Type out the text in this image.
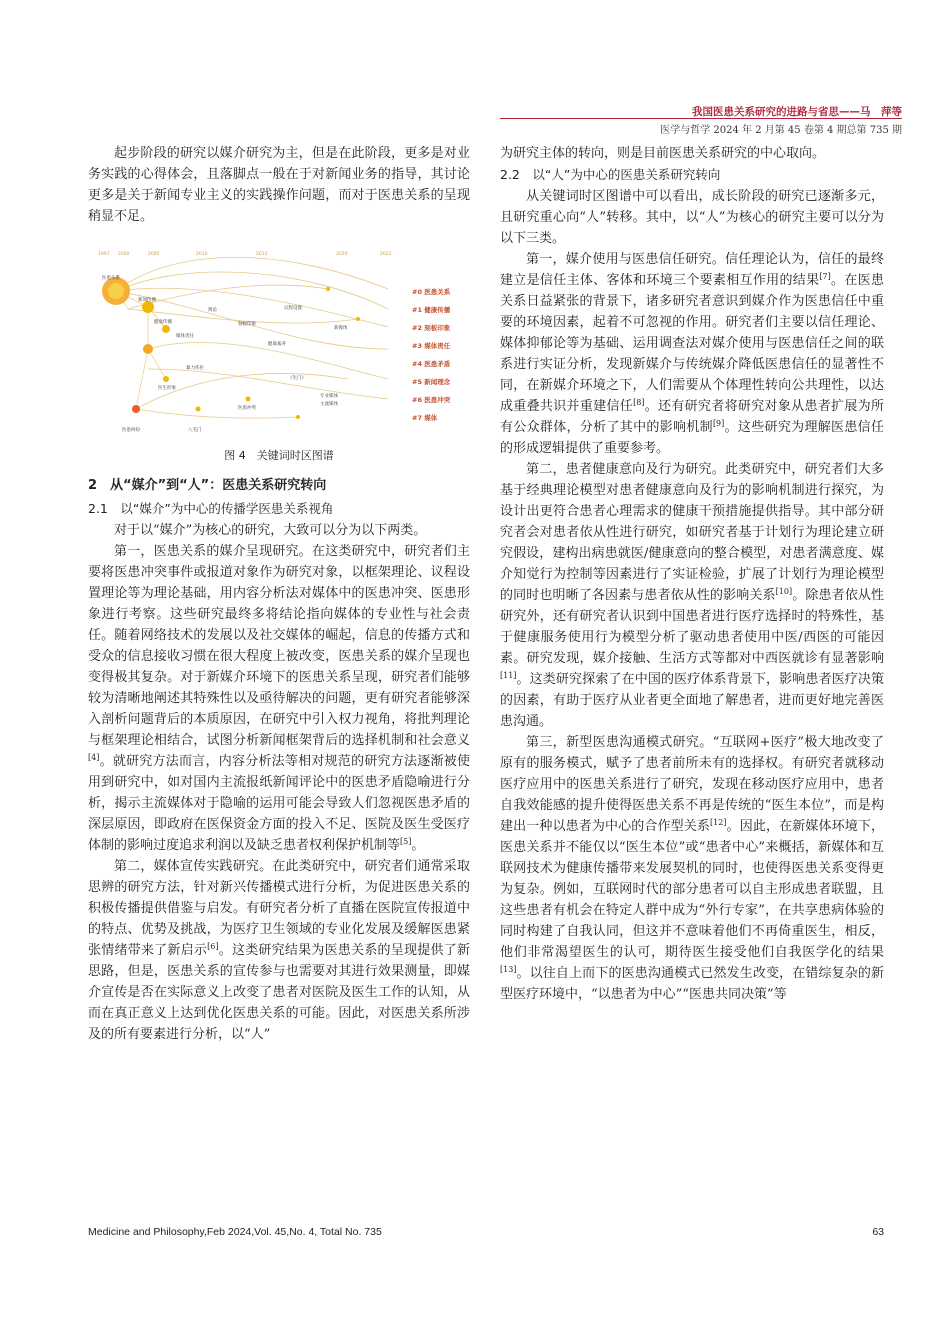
我国医患关系研究的进路与省思——马　萍等
医学与哲学 2024 年 2 月第 45 卷第 4 期总第 735 期

起步阶段的研究以媒介研究为主，但是在此阶段，更多是对业务实践的心得体会，且落脚点一般在于对新闻业务的指导，其讨论更多是关于新闻专业主义的实践操作问题，而对于医患关系的呈现稍显不足。

1997 2000	2005	2010	2015	2020	2022
医患关系
医患纠纷
新闻传播
八毛门
医患冲突
健康传播
媒体责任
舆论
刻板印象
健康素养
议程设置
新媒体
专业媒体
主流媒体
《生门》
暴力伤医
医生形象
#0 医患关系
#1 健康传播
#2 刻板印象
#3 媒体责任
#4 医患矛盾
#5 新闻理念
#6 医患冲突
#7 媒体
图 4　关键词时区图谱
2　从“媒介”到“人”：医患关系研究转向
2.1　以“媒介”为中心的传播学医患关系视角

对于以“媒介”为核心的研究，大致可以分为以下两类。

第一，医患关系的媒介呈现研究。在这类研究中，研究者们主要将医患冲突事件或报道对象作为研究对象，以框架理论、议程设置理论等为理论基础，用内容分析法对媒体中的医患冲突、医患形象进行考察。这些研究最终多将结论指向媒体的专业性与社会责任。随着网络技术的发展以及社交媒体的崛起，信息的传播方式和受众的信息接收习惯在很大程度上被改变，医患关系的媒介呈现也变得极其复杂。对于新媒介环境下的医患关系呈现，研究者们能够较为清晰地阐述其特殊性以及亟待解决的问题，更有研究者能够深入剖析问题背后的本质原因，在研究中引入权力视角，将批判理论与框架理论相结合，试图分析新闻框架背后的选择机制和社会意义[4]。就研究方法而言，内容分析法等相对规范的研究方法逐渐被使用到研究中，如对国内主流报纸新闻评论中的医患矛盾隐喻进行分析，揭示主流媒体对于隐喻的运用可能会导致人们忽视医患矛盾的深层原因，即政府在医保资金方面的投入不足、医院及医生受医疗体制的影响过度追求利润以及缺乏患者权利保护机制等[5]。

第二，媒体宣传实践研究。在此类研究中，研究者们通常采取思辨的研究方法，针对新兴传播模式进行分析，为促进医患关系的积极传播提供借鉴与启发。有研究者分析了直播在医院宣传报道中的特点、优势及挑战，为医疗卫生领域的专业化发展及缓解医患紧张情绪带来了新启示[6]。这类研究结果为医患关系的呈现提供了新思路，但是，医患关系的宣传参与也需要对其进行效果测量，即媒介宣传是否在实际意义上改变了患者对医院及医生工作的认知，从而在真正意义上达到优化医患关系的可能。因此，对医患关系所涉及的所有要素进行分析，以“人”

为研究主体的转向，则是目前医患关系研究的中心取向。

2.2　以“人”为中心的医患关系研究转向

从关键词时区图谱中可以看出，成长阶段的研究已逐渐多元，且研究重心向“人”转移。其中，以“人”为核心的研究主要可以分为以下三类。

第一，媒介使用与医患信任研究。信任理论认为，信任的最终建立是信任主体、客体和环境三个要素相互作用的结果[7]。在医患关系日益紧张的背景下，诸多研究者意识到媒介作为医患信任中重要的环境因素，起着不可忽视的作用。研究者们主要以信任理论、媒体抑郁论等为基础、运用调查法对媒介使用与医患信任之间的联系进行实证分析，发现新媒介与传统媒介降低医患信任的显著性不同，在新媒介环境之下，人们需要从个体理性转向公共理性，以达成重叠共识并重建信任[8]。还有研究者将研究对象从患者扩展为所有公众群体，分析了其中的影响机制[9]。这些研究为理解医患信任的形成逻辑提供了重要参考。

第二，患者健康意向及行为研究。此类研究中，研究者们大多基于经典理论模型对患者健康意向及行为的影响机制进行探究，为设计出更符合患者心理需求的健康干预措施提供指导。其中部分研究者会对患者依从性进行研究，如研究者基于计划行为理论建立研究假设，建构出病患就医/健康意向的整合模型，对患者满意度、媒介知觉行为控制等因素进行了实证检验，扩展了计划行为理论模型的同时也明晰了各因素与患者依从性的影响关系[10]。除患者依从性研究外，还有研究者认识到中国患者进行医疗选择时的特殊性，基于健康服务使用行为模型分析了驱动患者使用中医/西医的可能因素。研究发现，媒介接触、生活方式等都对中西医就诊有显著影响[11]。这类研究探索了在中国的医疗体系背景下，影响患者医疗决策的因素，有助于医疗从业者更全面地了解患者，进而更好地完善医患沟通。

第三，新型医患沟通模式研究。“互联网+医疗”极大地改变了原有的服务模式，赋予了患者前所未有的选择权。有研究者就移动医疗应用中的医患关系进行了研究，发现在移动医疗应用中，患者自我效能感的提升使得医患关系不再是传统的“医生本位”，而是构建出一种以患者为中心的合作型关系[12]。因此，在新媒体环境下，医患关系并不能仅以“医生本位”或“患者中心”来概括，新媒体和互联网技术为健康传播带来发展契机的同时，也使得医患关系变得更为复杂。例如，互联网时代的部分患者可以自主形成患者联盟，且这些患者有机会在特定人群中成为“外行专家”，在共享患病体验的同时构建了自我认同，但这并不意味着他们不再倚重医生，相反，他们非常渴望医生的认可，期待医生接受他们自我医学化的结果[13]。以往自上而下的医患沟通模式已然发生改变，在错综复杂的新型医疗环境中，“以患者为中心”“医患共同决策”等

Medicine and Philosophy,Feb 2024,Vol. 45,No. 4, Total No. 735	63
